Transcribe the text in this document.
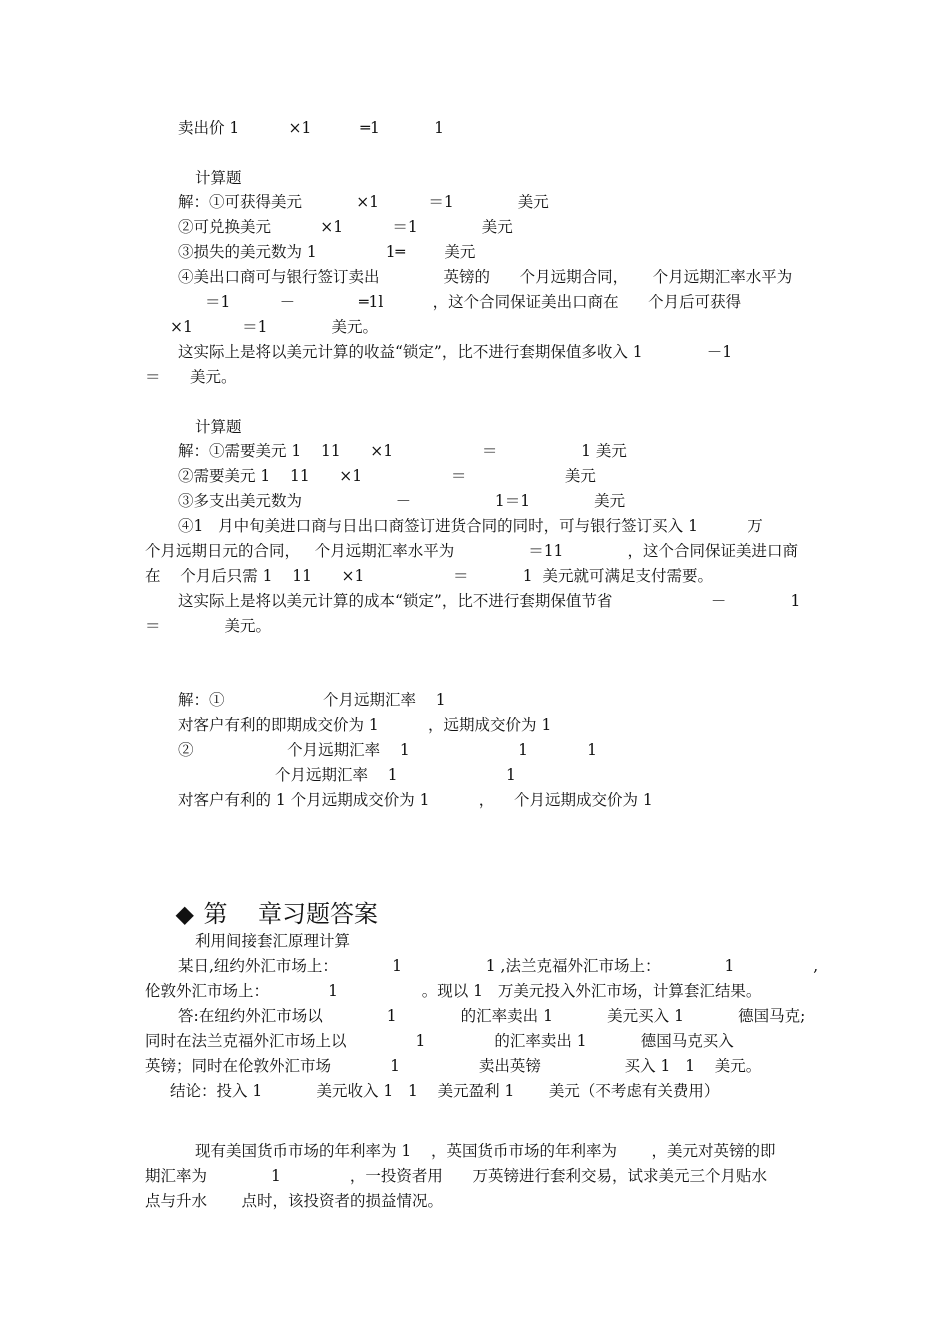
卖出价 1          ×1          ═1           1
计算题
解：①可获得美元           ×1          ＝1             美元
②可兑换美元          ×1          ＝1             美元
③损失的美元数为 1              1═        美元
④美出口商可与银行签订卖出             英镑的      个月远期合同，     个月远期汇率水平为
＝1          －             ═1l          ，这个合同保证美出口商在      个月后可获得
×1          ＝1             美元。
这实际上是将以美元计算的收益“锁定”，比不进行套期保值多收入 1             －1
＝      美元。
计算题
解：①需要美元 1    11      ×1                  ＝                 1 美元
②需要美元 1    11      ×1                  ＝                    美元
③多支出美元数为                   －                 1＝1             美元
④1   月中旬美进口商与日出口商签订进货合同的同时，可与银行签订买入 1          万
个月远期日元的合同，   个月远期汇率水平为               ＝11             ，这个合同保证美进口商
在    个月后只需 1    11      ×1                  ＝           1  美元就可满足支付需要。
这实际上是将以美元计算的成本“锁定”，比不进行套期保值节省                    －             1
＝             美元。
解：①                    个月远期汇率    1
对客户有利的即期成交价为 1          ，远期成交价为 1
②                   个月远期汇率    1                      1            1
个月远期汇率    1                      1
对客户有利的 1 个月远期成交价为 1          ，    个月远期成交价为 1

◆ 第    章习题答案

利用间接套汇原理计算
某日,纽约外汇市场上：           1                 1 ,法兰克福外汇市场上：             1                ,
伦敦外汇市场上：            1                 。现以 1   万美元投入外汇市场，计算套汇结果。
答:在纽约外汇市场以             1             的汇率卖出 1           美元买入 1           德国马克;
同时在法兰克福外汇市场上以              1              的汇率卖出 1           德国马克买入
英镑；同时在伦敦外汇市场            1                卖出英镑                 买入 1   1    美元。
结论：投入 1           美元收入 1   1    美元盈利 1       美元（不考虑有关费用）
现有美国货币市场的年利率为 1    ，英国货币市场的年利率为       ，美元对英镑的即
期汇率为             1              ，一投资者用      万英镑进行套利交易，试求美元三个月贴水
点与升水       点时，该投资者的损益情况。
